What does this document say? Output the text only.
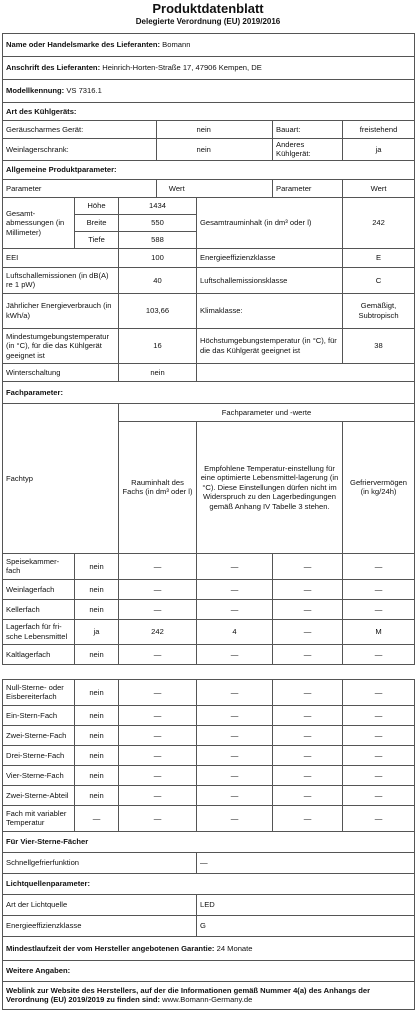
Produktdatenblatt
Delegierte Verordnung (EU) 2019/2016
Name oder Handelsmarke des Lieferanten: Bomann							
Anschrift des Lieferanten: Heinrich-Horten-Straße 17, 47906 Kempen, DE							
Modellkennung: VS 7316.1							
Art des Kühlgeräts:							
Geräuscharmes Gerät:				nein	Bauart:	freistehend	
Weinlagerschrank:				nein	Anderes Kühlgerät:	ja	
Allgemeine Produktparameter:							
Parameter			Wert		Parameter	Wert	
Gesamt-abmessungen (in Millimeter)	Höhe	1434		Gesamtrauminhalt (in dm³ oder l)		242	
	Breite	550					
	Tiefe	588					
EEI		100		Energieeffizienzklasse		E	
Luftschallemissionen (in dB(A) re 1 pW)		40		Luftschallemissionsklasse		C	
Jährlicher Energieverbrauch (in kWh/a)		103,66		Klimaklasse:		Gemäßigt, Subtropisch	
Mindestumgebungstemperatur (in °C), für die das Kühlgerät geeignet ist		16		Höchstumgebungstemperatur (in °C), für die das Kühlgerät geeignet ist		38	
Winterschaltung		nein					
Fachparameter:							
Fachtyp		Fachparameter und -werte					
		Rauminhalt des Fachs (in dm³ oder l)		Empfohlene Temperatur-einstellung für eine optimierte Lebensmittel-lagerung (in °C). Diese Einstellungen dürfen nicht im Widerspruch zu den Lagerbedingungen gemäß Anhang IV Tabelle 3 stehen.		Gefriervermögen (in kg/24h)	
Speisekammer-fach	nein	—	—	—	—
Weinlagerfach	nein	—	—	—	—
Kellerfach	nein	—	—	—	—
Lagerfach für fri-sche Lebensmittel	ja	242	4	—	M
Kaltlagerfach	nein	—	—	—	—
Null-Sterne- oder Eisbereiterfach	nein	—	—	—	—
Ein-Stern-Fach	nein	—	—	—	—
Zwei-Sterne-Fach	nein	—	—	—	—
Drei-Sterne-Fach	nein	—	—	—	—
Vier-Sterne-Fach	nein	—	—	—	—
Zwei-Sterne-Abteil	nein	—	—	—	—
Fach mit variabler Temperatur	—	—	—	—	—
Für Vier-Sterne-Fächer	
Schnellgefrierfunktion	—
Lichtquellenparameter:	
Art der Lichtquelle	LED
Energieeffizienzklasse	G
Mindestlaufzeit der vom Hersteller angebotenen Garantie: 24 Monate	
Weitere Angaben:	
Weblink zur Website des Herstellers, auf der die Informationen gemäß Nummer 4(a) des Anhangs der Verordnung (EU) 2019/2019 zu finden sind: www.Bomann-Germany.de	
